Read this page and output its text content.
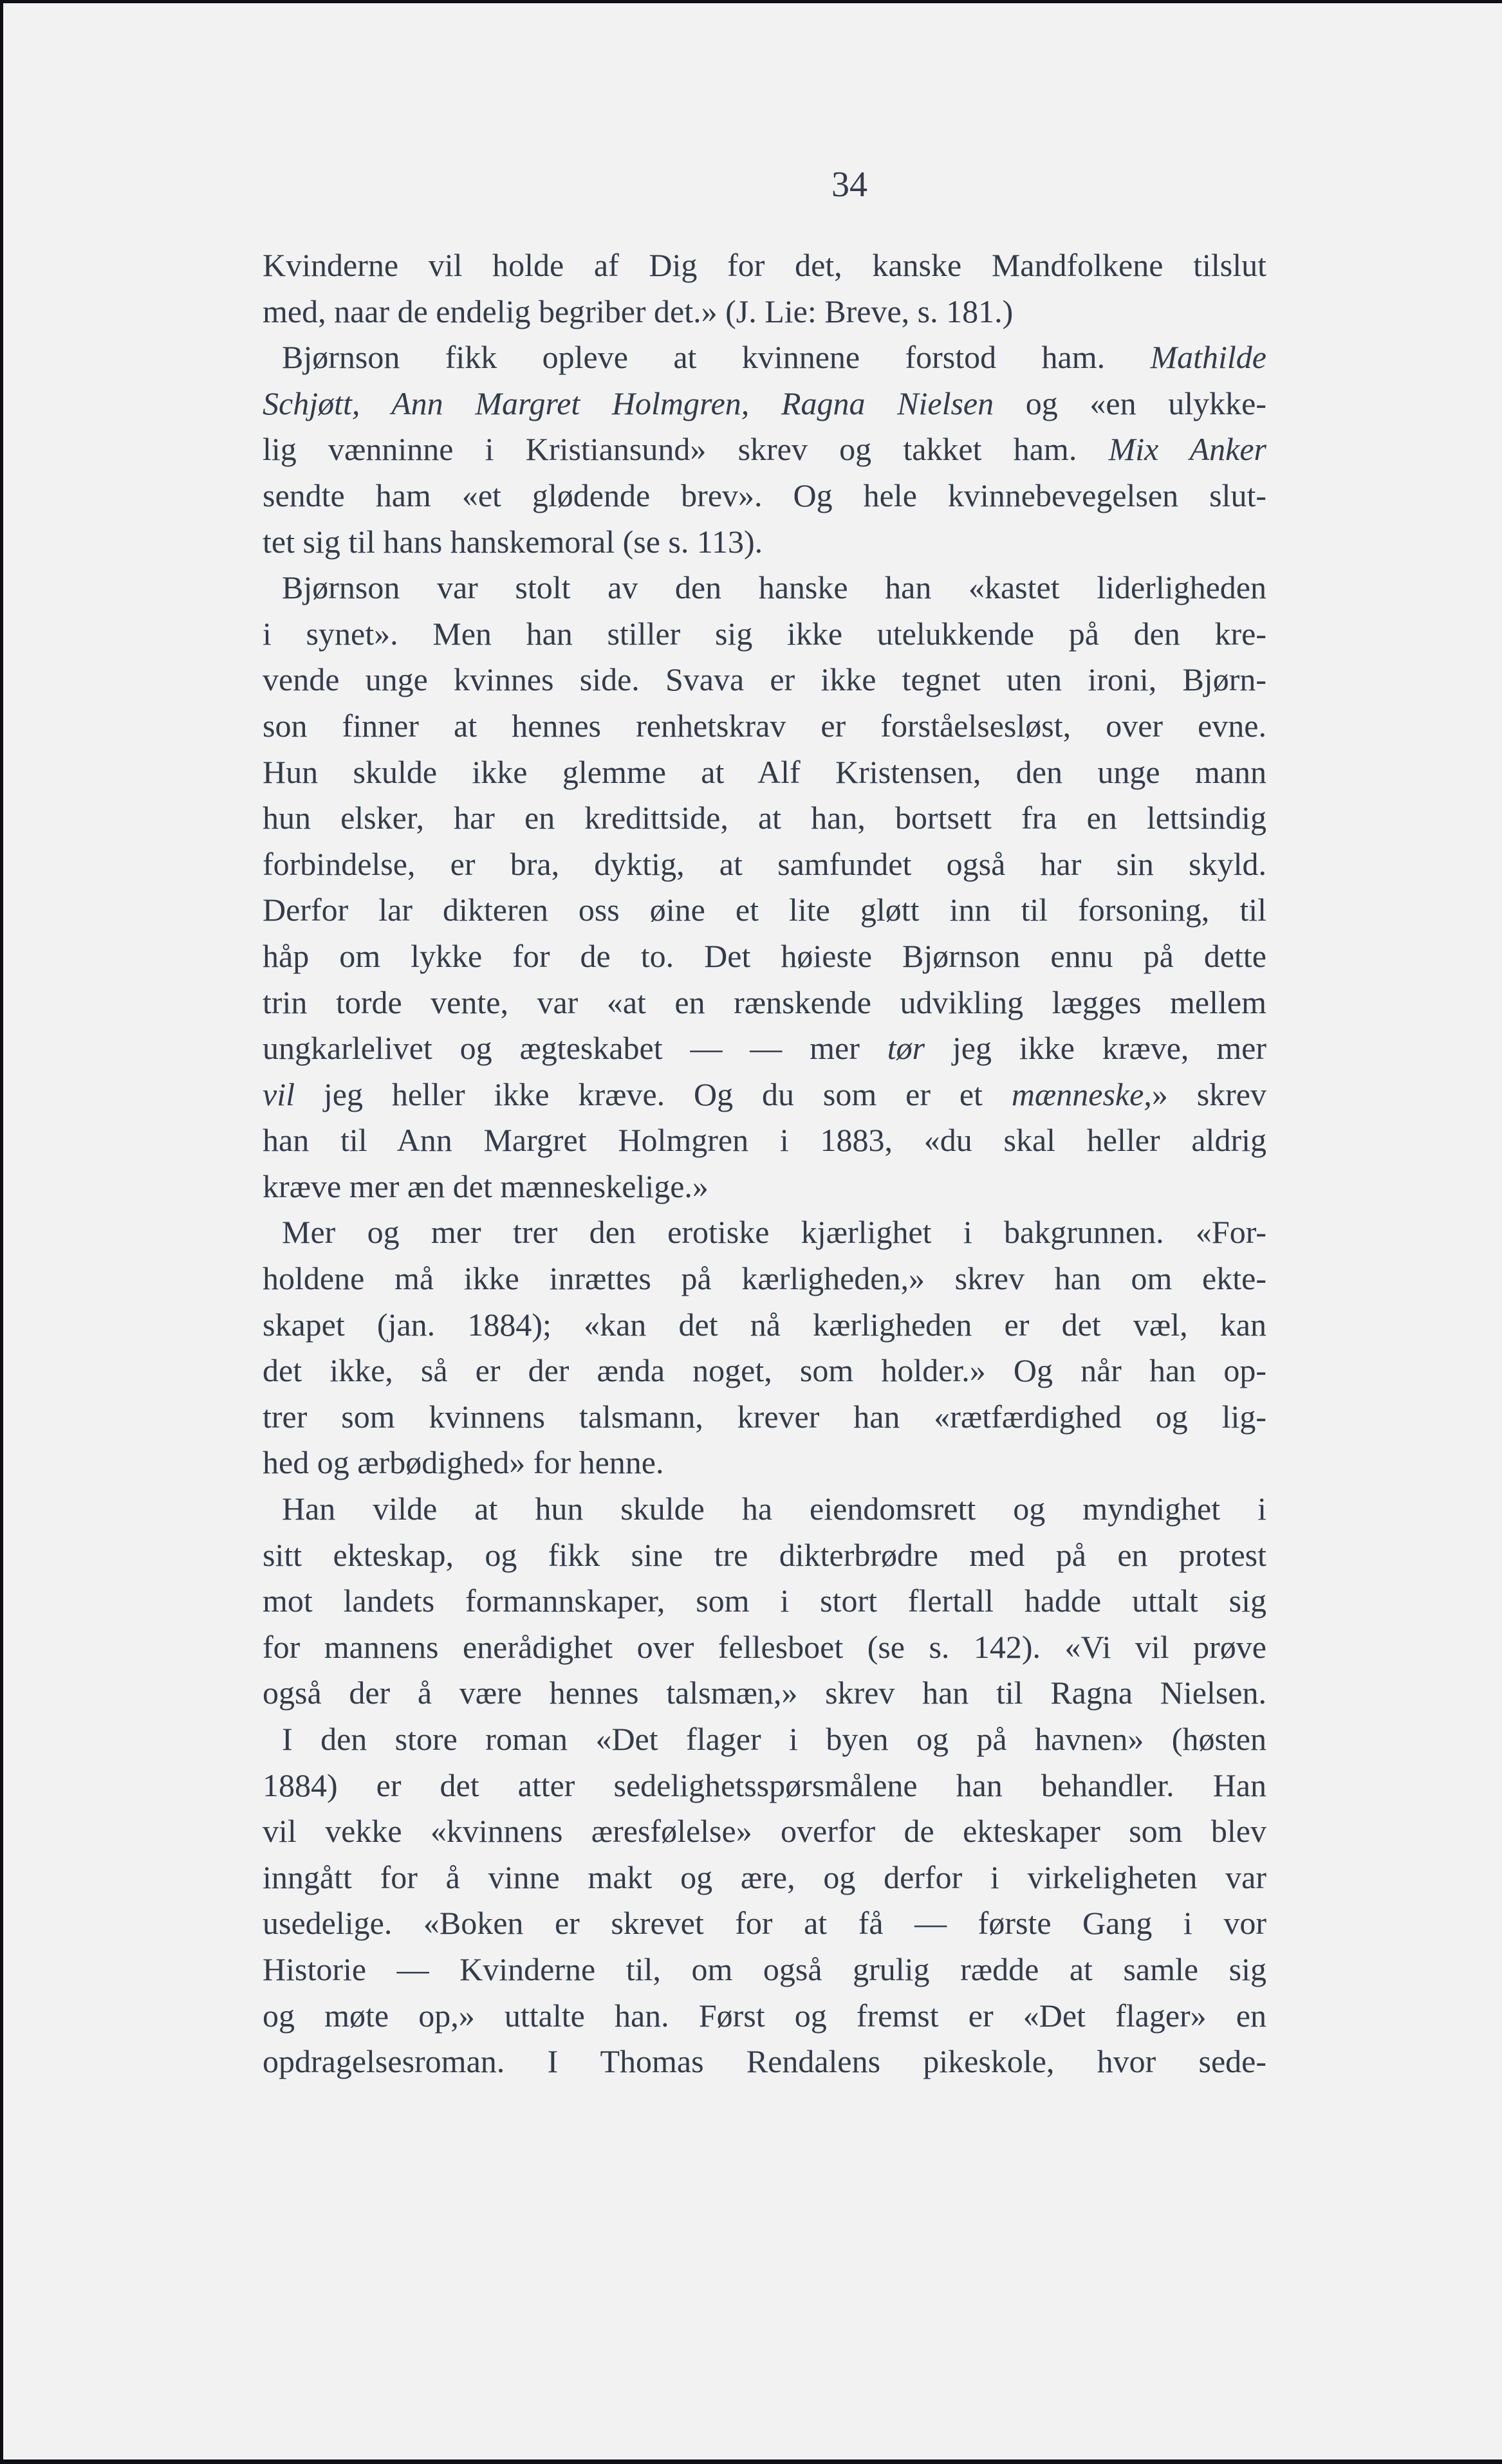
34
Kvinderne vil holde af Dig for det, kanske Mandfolkene tilslut
med, naar de endelig begriber det.» (J. Lie: Breve, s. 181.)
Bjørnson fikk opleve at kvinnene forstod ham. Mathilde
Schjøtt, Ann Margret Holmgren, Ragna Nielsen og «en ulykke-
lig vænninne i Kristiansund» skrev og takket ham. Mix Anker
sendte ham «et glødende brev». Og hele kvinnebevegelsen slut-
tet sig til hans hanskemoral (se s. 113).
Bjørnson var stolt av den hanske han «kastet liderligheden
i synet». Men han stiller sig ikke utelukkende på den kre-
vende unge kvinnes side. Svava er ikke tegnet uten ironi, Bjørn-
son finner at hennes renhetskrav er forståelsesløst, over evne.
Hun skulde ikke glemme at Alf Kristensen, den unge mann
hun elsker, har en kredittside, at han, bortsett fra en lettsindig
forbindelse, er bra, dyktig, at samfundet også har sin skyld.
Derfor lar dikteren oss øine et lite gløtt inn til forsoning, til
håp om lykke for de to. Det høieste Bjørnson ennu på dette
trin torde vente, var «at en rænskende udvikling lægges mellem
ungkarlelivet og ægteskabet — — mer tør jeg ikke kræve, mer
vil jeg heller ikke kræve. Og du som er et mænneske,» skrev
han til Ann Margret Holmgren i 1883, «du skal heller aldrig
kræve mer æn det mænneskelige.»
Mer og mer trer den erotiske kjærlighet i bakgrunnen. «For-
holdene må ikke inrættes på kærligheden,» skrev han om ekte-
skapet (jan. 1884); «kan det nå kærligheden er det væl, kan
det ikke, så er der ænda noget, som holder.» Og når han op-
trer som kvinnens talsmann, krever han «rætfærdighed og lig-
hed og ærbødighed» for henne.
Han vilde at hun skulde ha eiendomsrett og myndighet i
sitt ekteskap, og fikk sine tre dikterbrødre med på en protest
mot landets formannskaper, som i stort flertall hadde uttalt sig
for mannens enerådighet over fellesboet (se s. 142). «Vi vil prøve
også der å være hennes talsmæn,» skrev han til Ragna Nielsen.
I den store roman «Det flager i byen og på havnen» (høsten
1884) er det atter sedelighetsspørsmålene han behandler. Han
vil vekke «kvinnens æresfølelse» overfor de ekteskaper som blev
inngått for å vinne makt og ære, og derfor i virkeligheten var
usedelige. «Boken er skrevet for at få — første Gang i vor
Historie — Kvinderne til, om også grulig rædde at samle sig
og møte op,» uttalte han. Først og fremst er «Det flager» en
opdragelsesroman. I Thomas Rendalens pikeskole, hvor sede-
